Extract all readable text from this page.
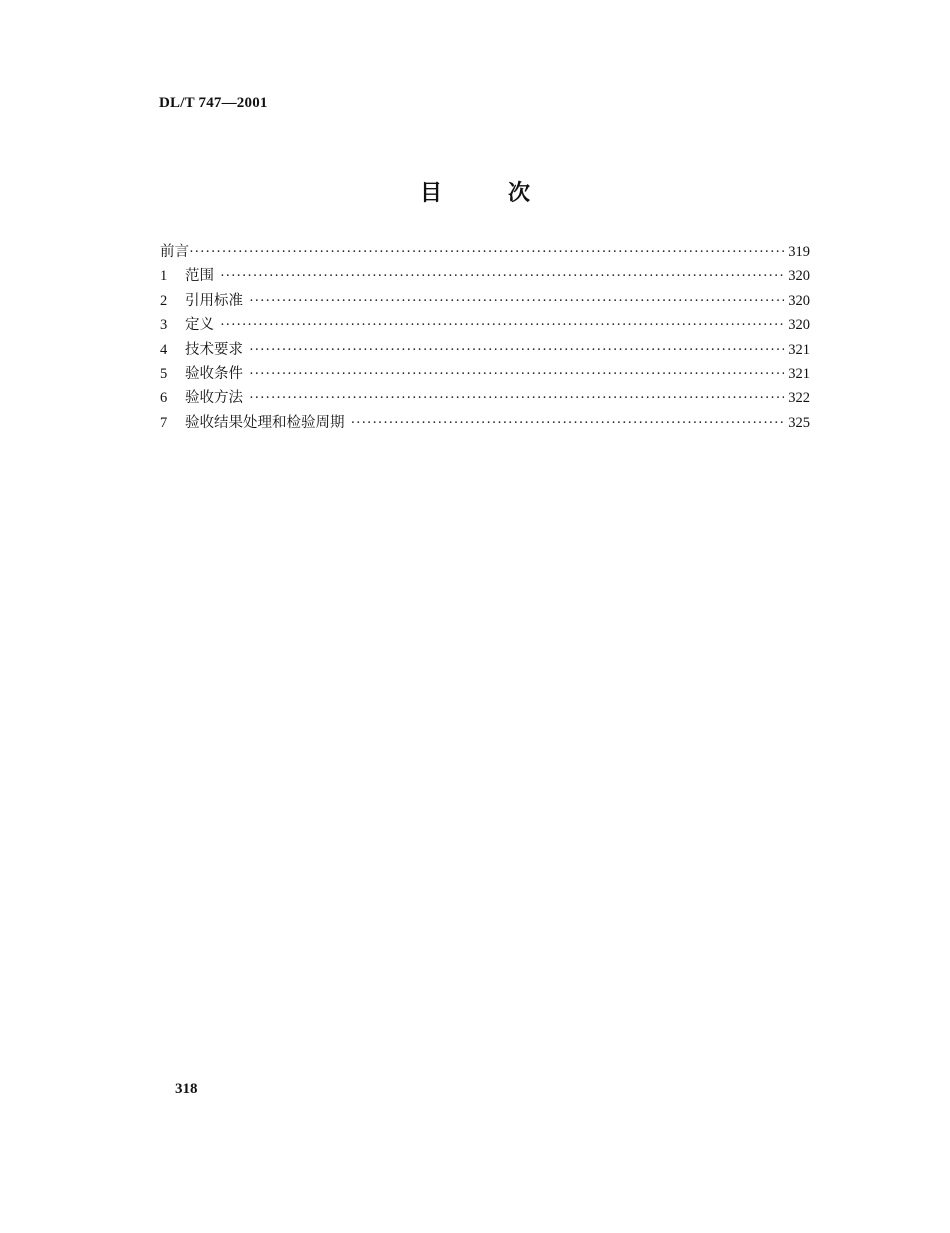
DL/T 747—2001
目	次
前言 ·····	319
1	范围 ·····	320
2	引用标准 ·····	320
3	定义 ·····	320
4	技术要求 ·····	321
5	验收条件 ·····	321
6	验收方法 ·····	322
7	验收结果处理和检验周期 ·····	325
318
